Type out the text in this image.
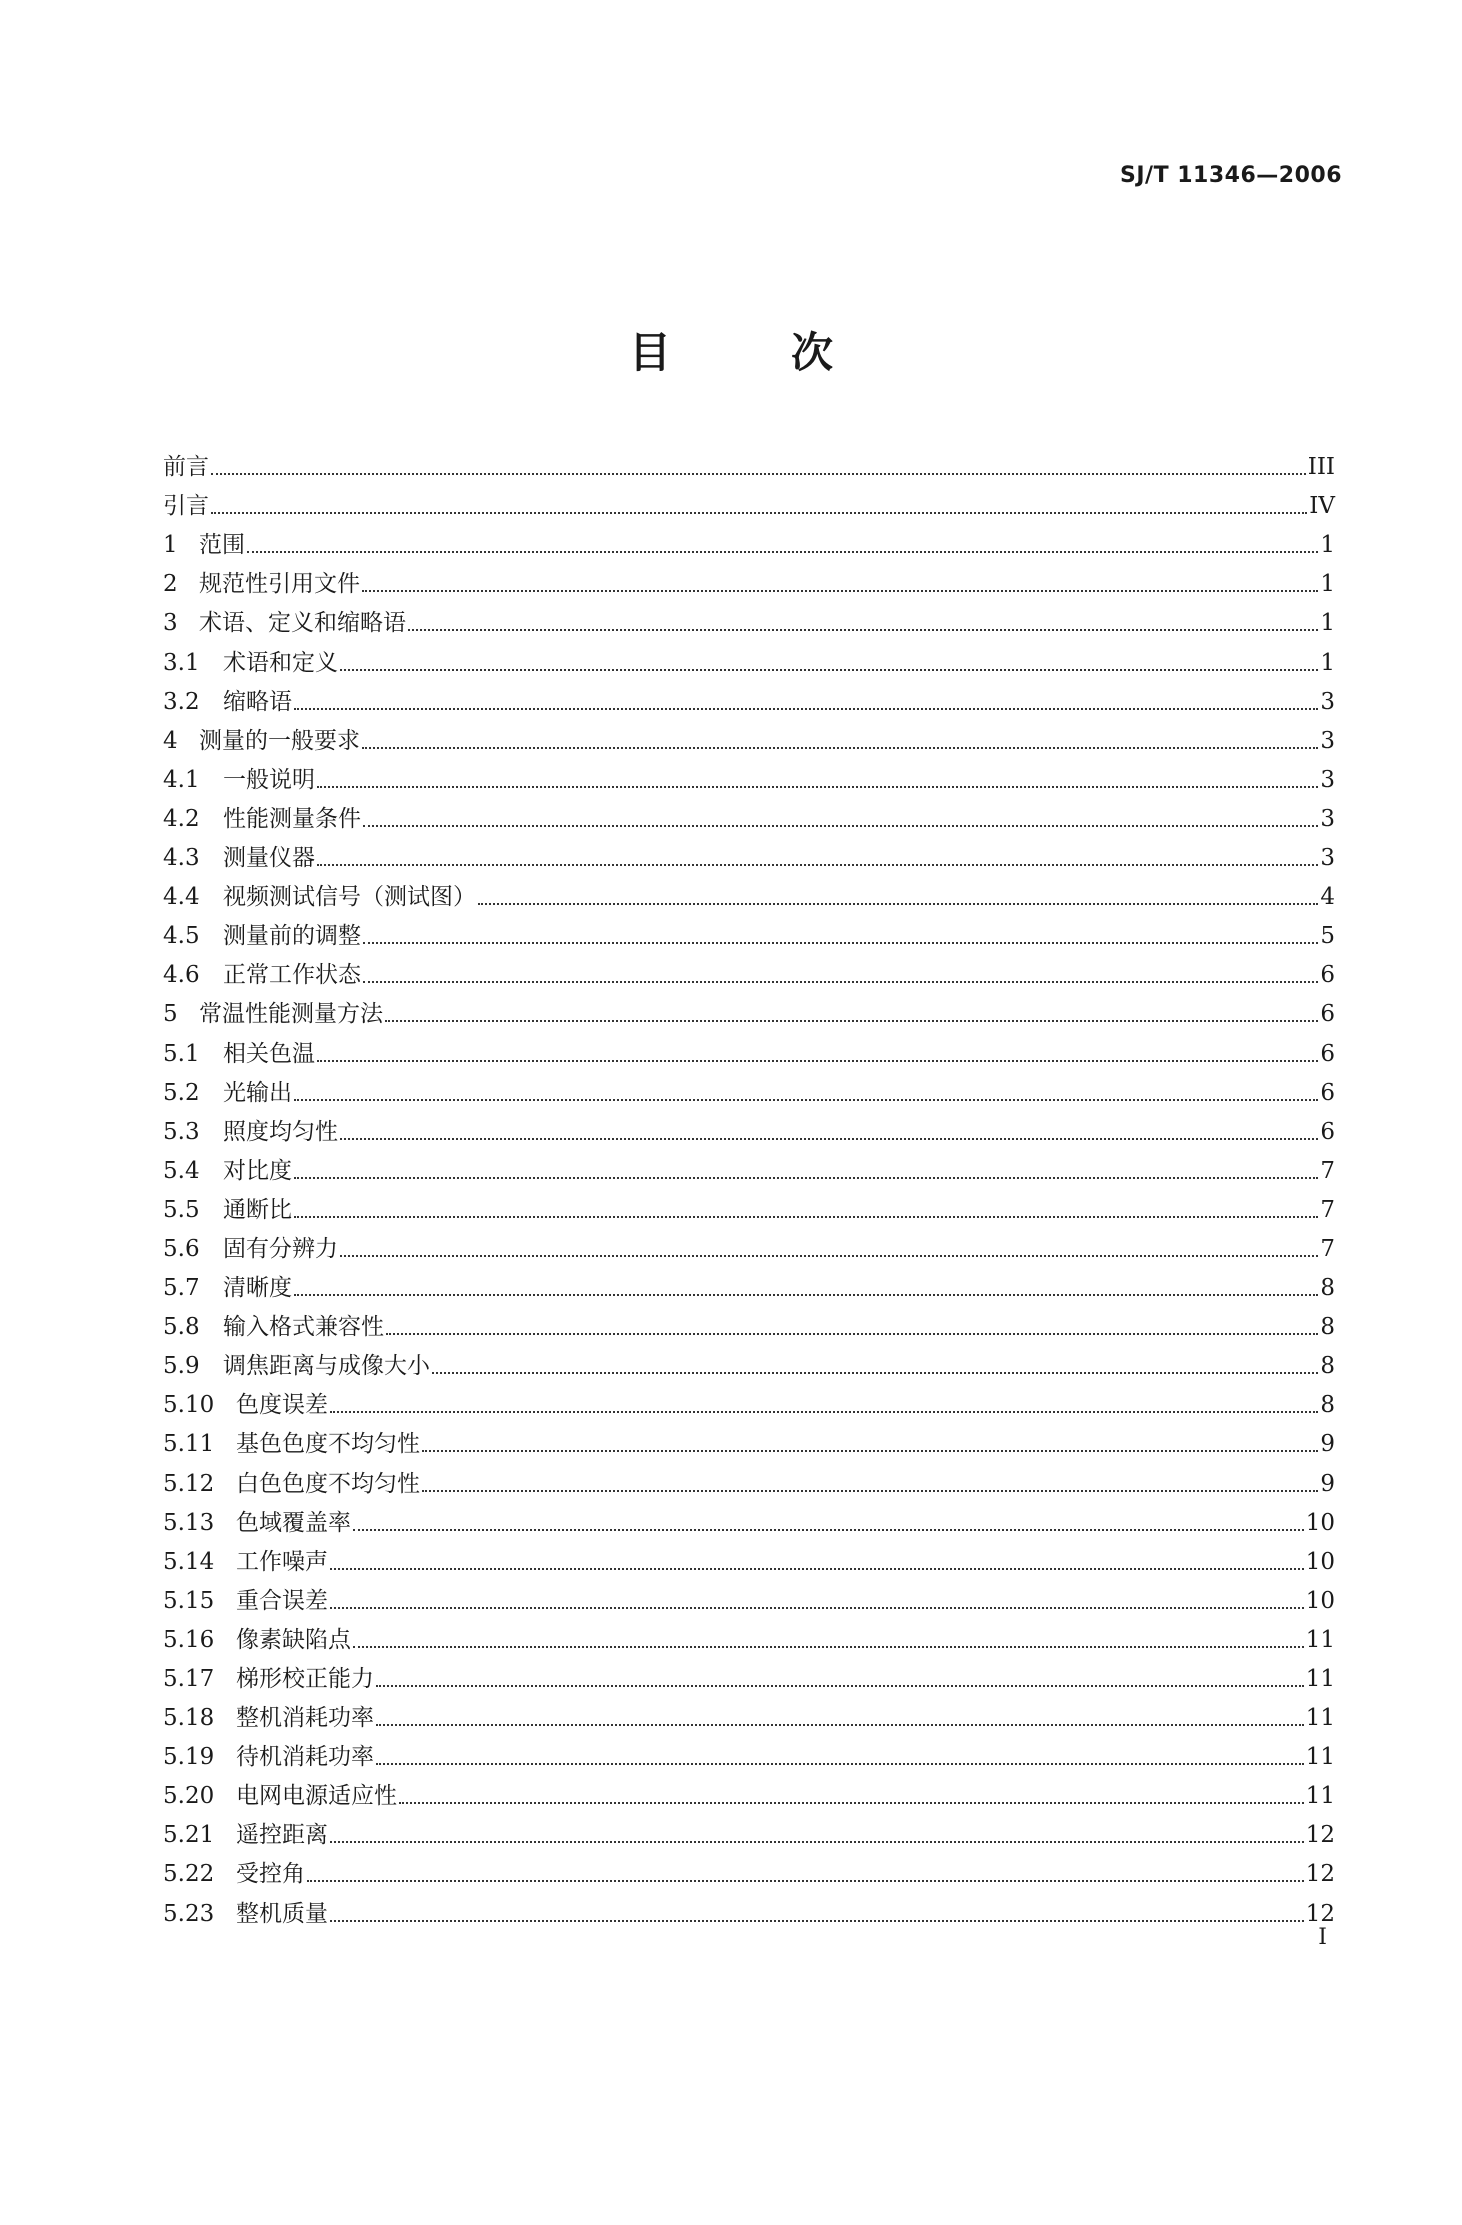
SJ/T 11346—2006
目	次
前言	III
引言	IV
1 范围	1
2 规范性引用文件	1
3 术语、定义和缩略语	1
3.1	术语和定义	1
3.2	缩略语	3
4 测量的一般要求	3
4.1	一般说明	3
4.2	性能测量条件	3
4.3	测量仪器	3
4.4	视频测试信号（测试图）	4
4.5	测量前的调整	5
4.6	正常工作状态	6
5 常温性能测量方法	6
5.1	相关色温	6
5.2	光输出	6
5.3	照度均匀性	6
5.4	对比度	7
5.5	通断比	7
5.6	固有分辨力	7
5.7	清晰度	8
5.8	输入格式兼容性	8
5.9	调焦距离与成像大小	8
5.10 色度误差	8
5.11 基色色度不均匀性	9
5.12 白色色度不均匀性	9
5.13 色域覆盖率	10
5.14 工作噪声	10
5.15 重合误差	10
5.16 像素缺陷点	11
5.17 梯形校正能力	11
5.18 整机消耗功率	11
5.19 待机消耗功率	11
5.20 电网电源适应性	11
5.21 遥控距离	12
5.22 受控角	12
5.23 整机质量	12
I
